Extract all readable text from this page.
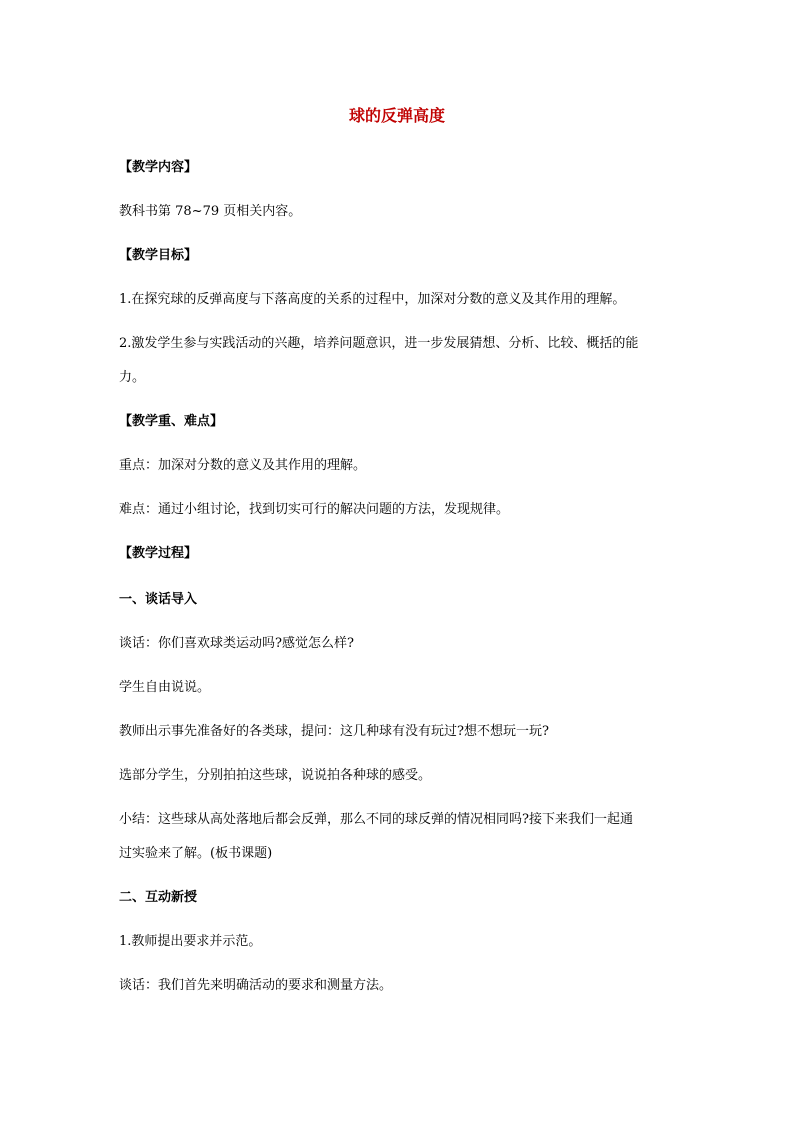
球的反弹高度
【教学内容】
教科书第 78~79 页相关内容。
【教学目标】
1.在探究球的反弹高度与下落高度的关系的过程中，加深对分数的意义及其作用的理解。
2.激发学生参与实践活动的兴趣，培养问题意识，进一步发展猜想、分析、比较、概括的能
力。
【教学重、难点】
重点：加深对分数的意义及其作用的理解。
难点：通过小组讨论，找到切实可行的解决问题的方法，发现规律。
【教学过程】
一、谈话导入
谈话：你们喜欢球类运动吗?感觉怎么样?
学生自由说说。
教师出示事先准备好的各类球，提问：这几种球有没有玩过?想不想玩一玩?
选部分学生，分别拍拍这些球，说说拍各种球的感受。
小结：这些球从高处落地后都会反弹，那么不同的球反弹的情况相同吗?接下来我们一起通
过实验来了解。(板书课题)
二、互动新授
1.教师提出要求并示范。
谈话：我们首先来明确活动的要求和测量方法。
